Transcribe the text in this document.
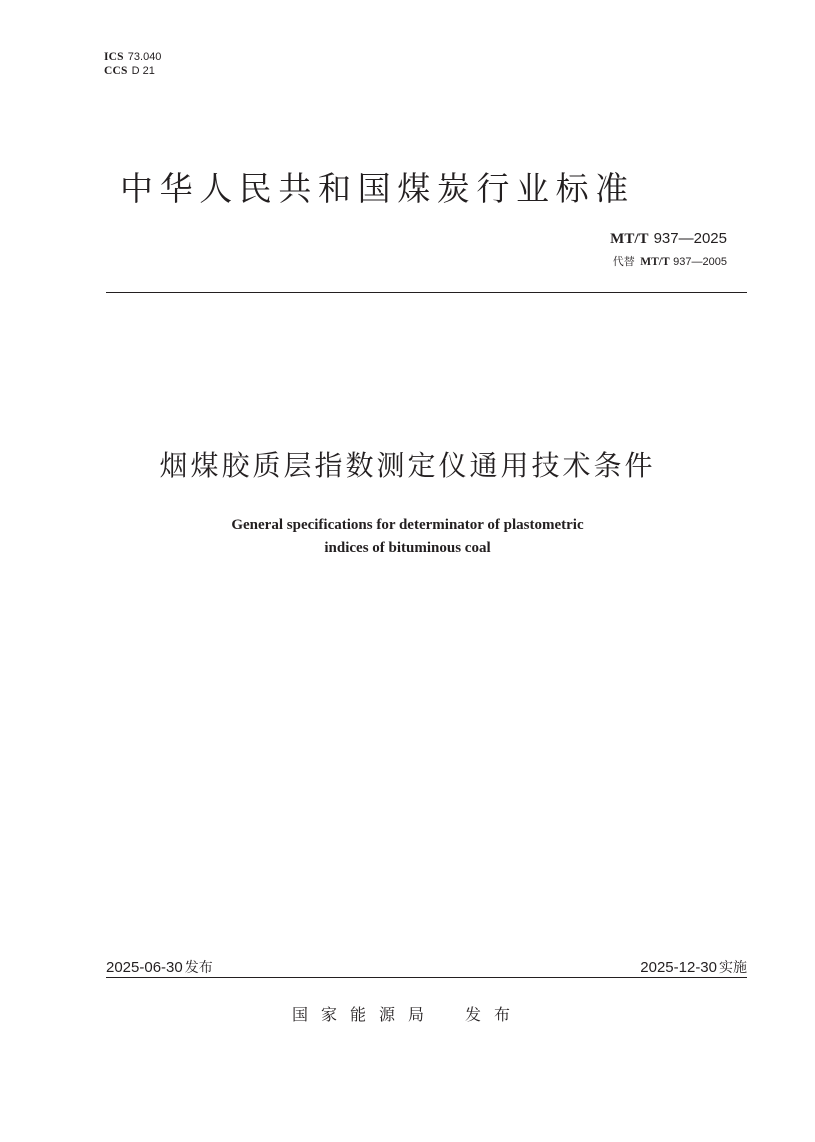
ICS 73.040
CCS D 21
中华人民共和国煤炭行业标准
MT/T 937—2025
代替 MT/T 937—2005
烟煤胶质层指数测定仪通用技术条件
General specifications for determinator of plastometric
indices of bituminous coal
2025-06-30 发布	2025-12-30 实施
国家能源局 发布
